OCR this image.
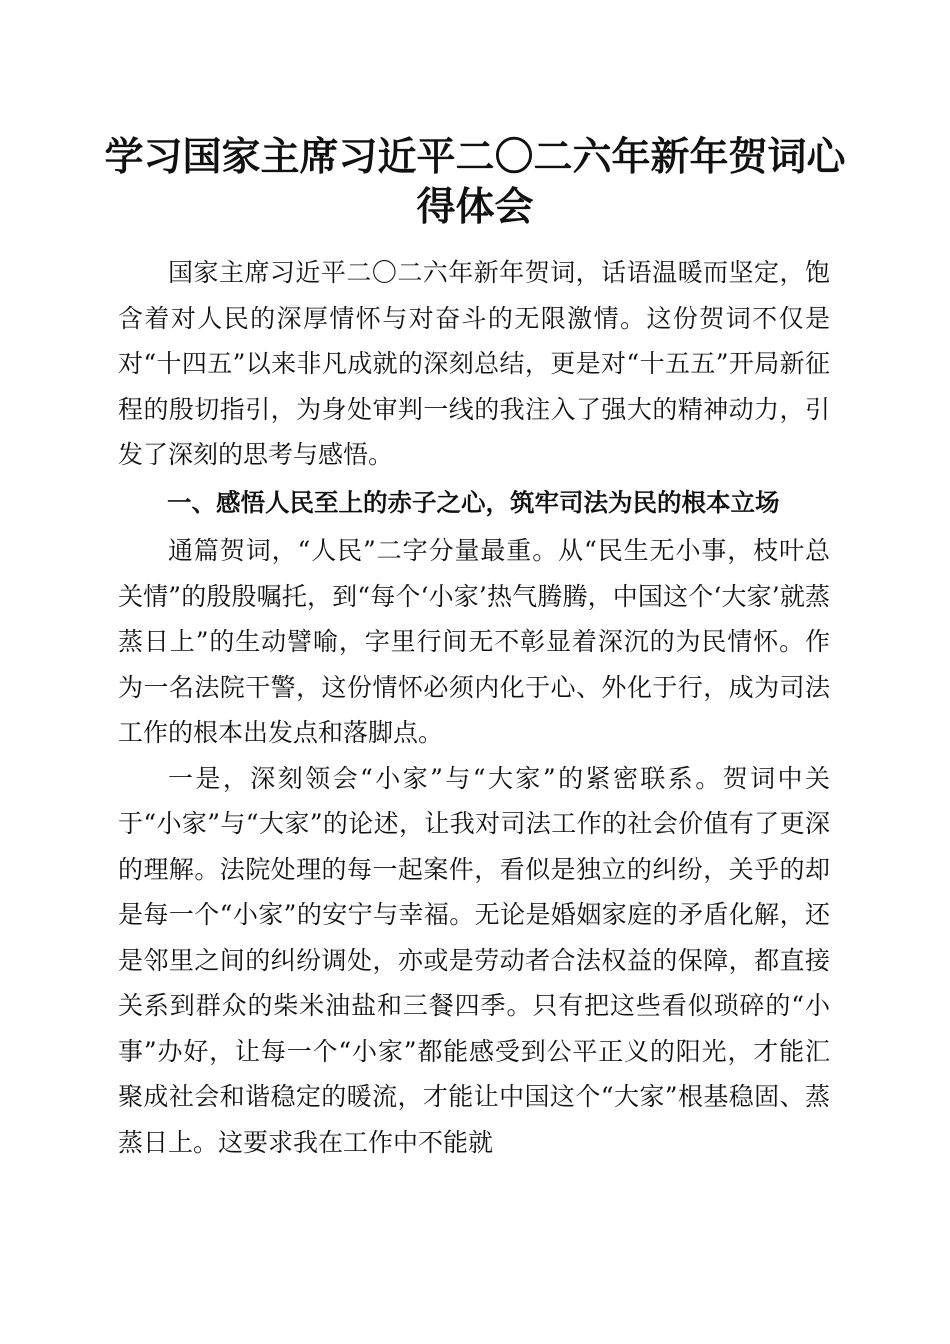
学习国家主席习近平二〇二六年新年贺词心得体会

国家主席习近平二〇二六年新年贺词，话语温暖而坚定，饱含着对人民的深厚情怀与对奋斗的无限激情。这份贺词不仅是对“十四五”以来非凡成就的深刻总结，更是对“十五五”开局新征程的殷切指引，为身处审判一线的我注入了强大的精神动力，引发了深刻的思考与感悟。

一、感悟人民至上的赤子之心，筑牢司法为民的根本立场

通篇贺词，“人民”二字分量最重。从“民生无小事，枝叶总关情”的殷殷嘱托，到“每个‘小家’热气腾腾，中国这个‘大家’就蒸蒸日上”的生动譬喻，字里行间无不彰显着深沉的为民情怀。作为一名法院干警，这份情怀必须内化于心、外化于行，成为司法工作的根本出发点和落脚点。

一是，深刻领会“小家”与“大家”的紧密联系。贺词中关于“小家”与“大家”的论述，让我对司法工作的社会价值有了更深的理解。法院处理的每一起案件，看似是独立的纠纷，关乎的却是每一个“小家”的安宁与幸福。无论是婚姻家庭的矛盾化解，还是邻里之间的纠纷调处，亦或是劳动者合法权益的保障，都直接关系到群众的柴米油盐和三餐四季。只有把这些看似琐碎的“小事”办好，让每一个“小家”都能感受到公平正义的阳光，才能汇聚成社会和谐稳定的暖流，才能让中国这个“大家”根基稳固、蒸蒸日上。这要求我在工作中不能就
